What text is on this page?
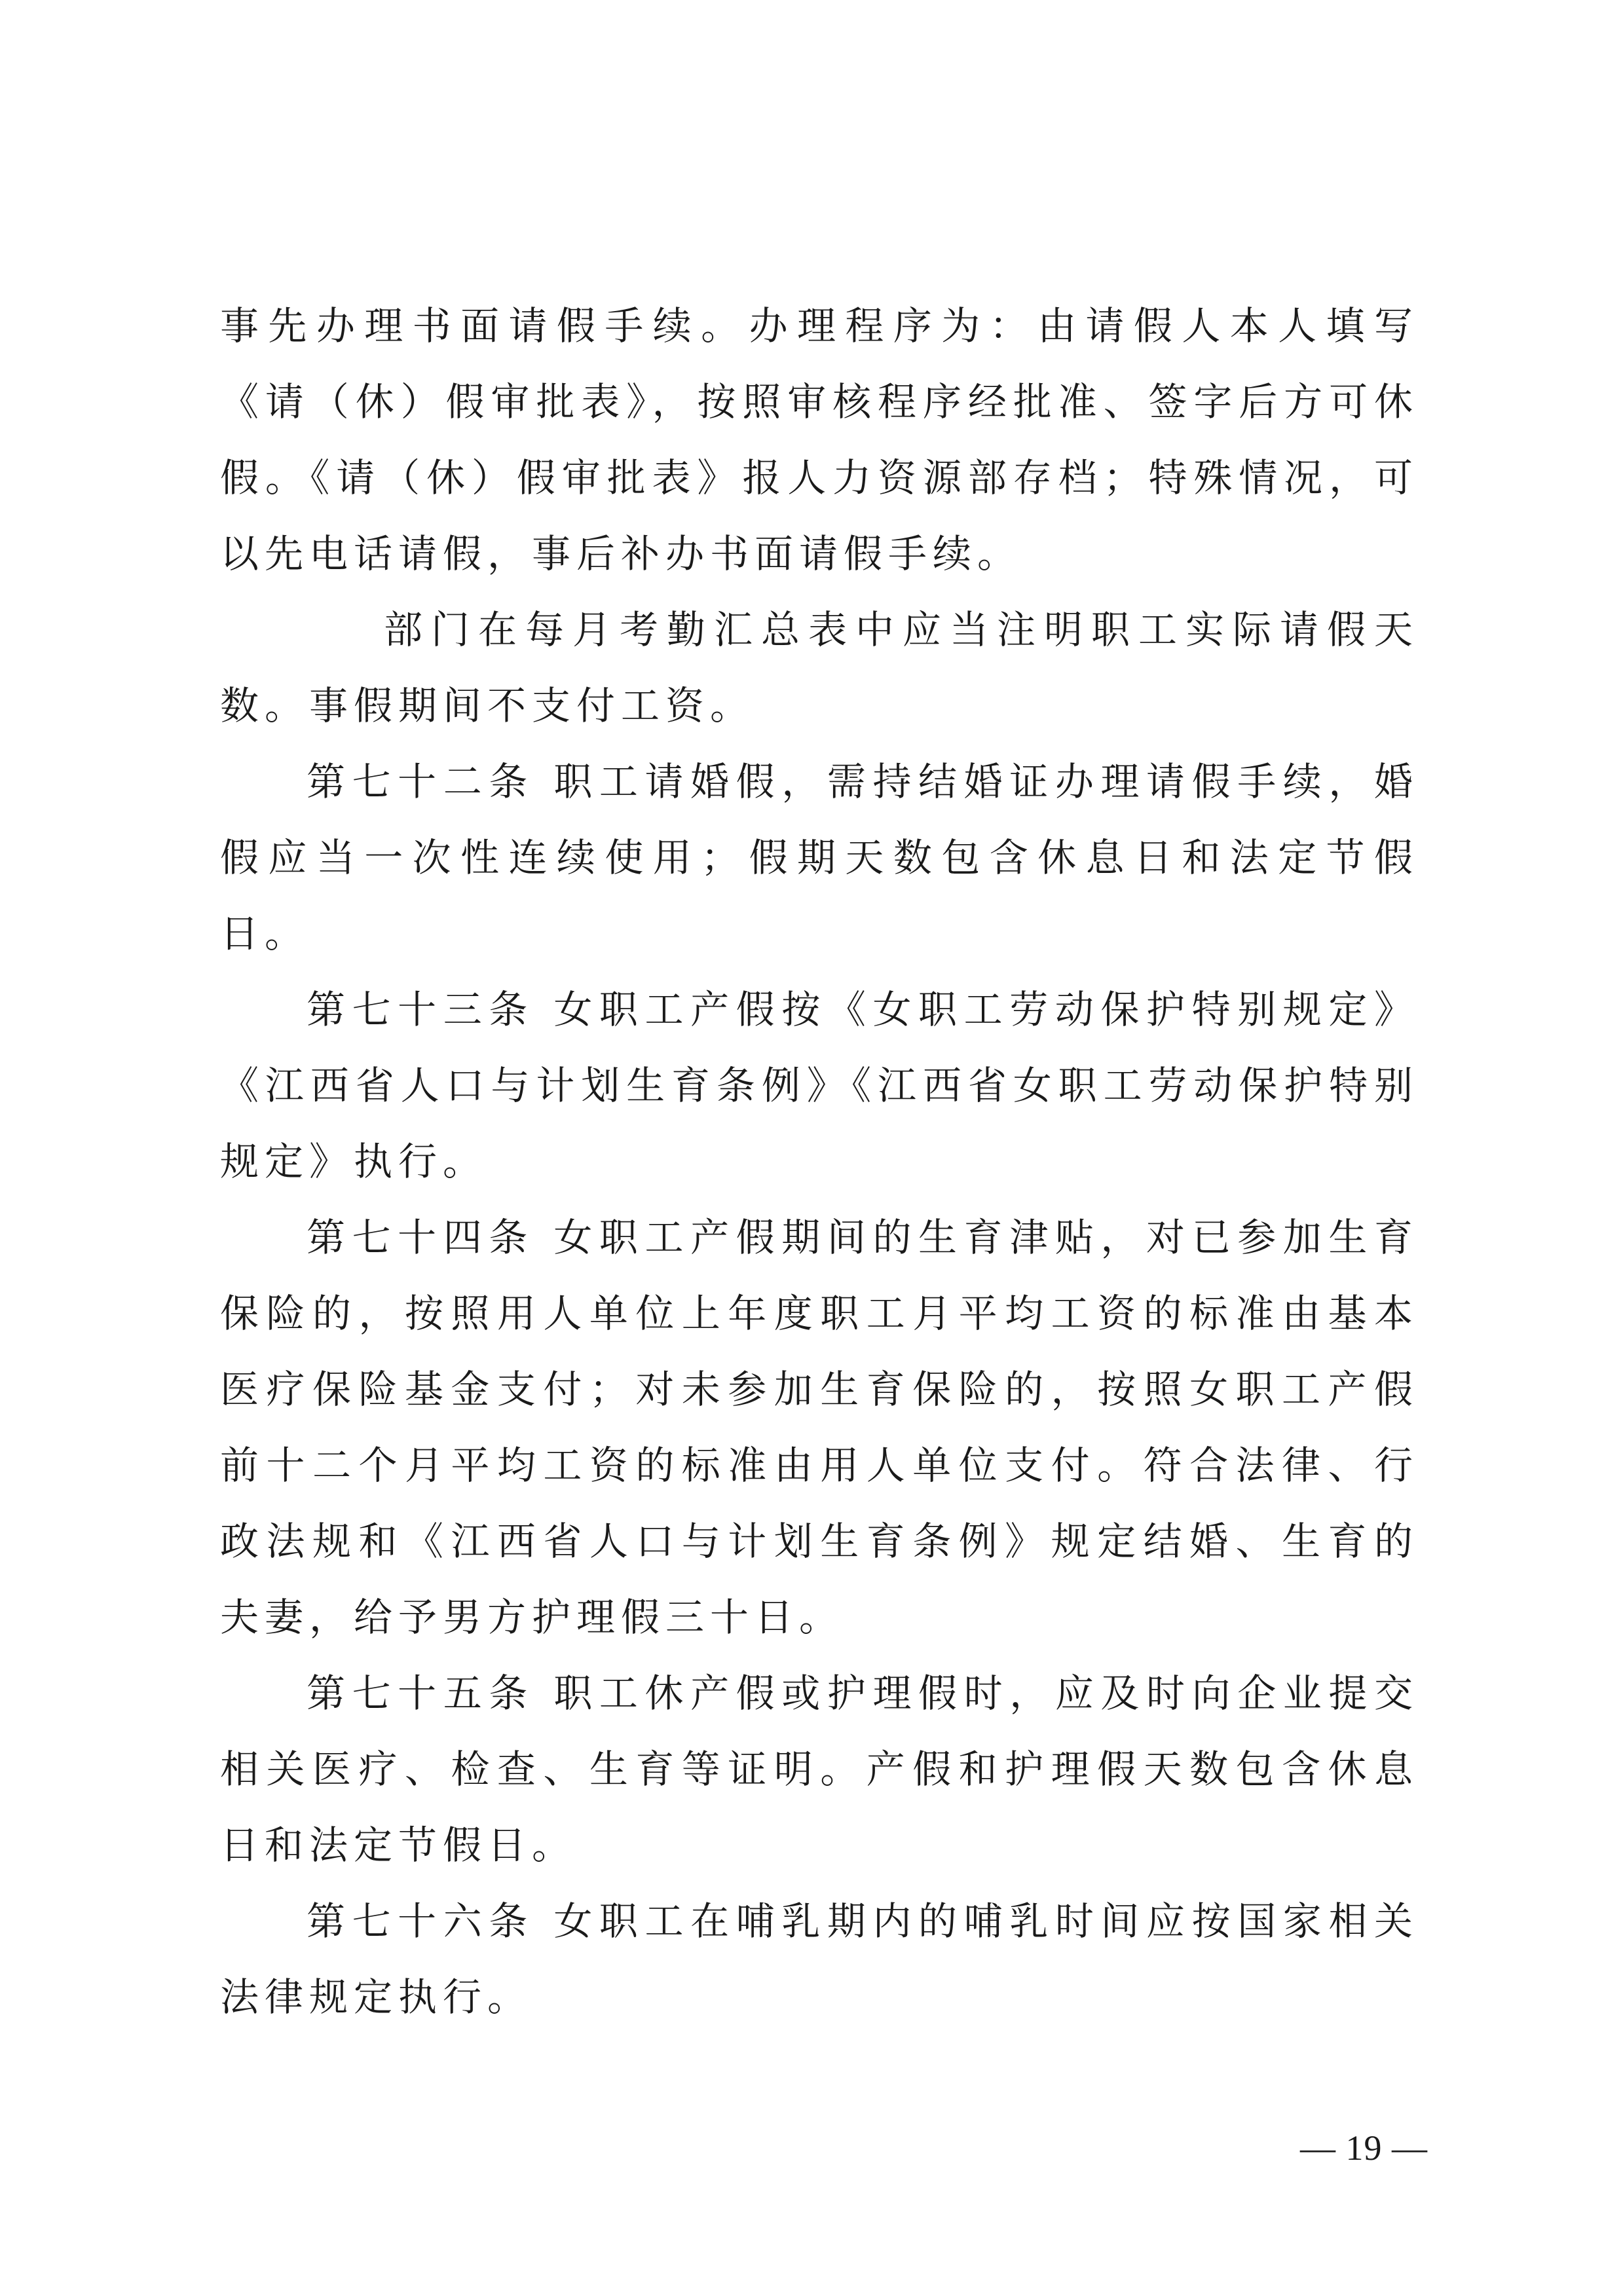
事先办理书面请假手续。办理程序为：由请假人本人填写《请（休）假审批表》，按照审核程序经批准、签字后方可休假。《请（休）假审批表》报人力资源部存档；特殊情况，可以先电话请假，事后补办书面请假手续。

部门在每月考勤汇总表中应当注明职工实际请假天数。事假期间不支付工资。

第七十二条 职工请婚假，需持结婚证办理请假手续，婚假应当一次性连续使用；假期天数包含休息日和法定节假日。

第七十三条 女职工产假按《女职工劳动保护特别规定》《江西省人口与计划生育条例》《江西省女职工劳动保护特别规定》执行。

第七十四条 女职工产假期间的生育津贴，对已参加生育保险的，按照用人单位上年度职工月平均工资的标准由基本医疗保险基金支付；对未参加生育保险的，按照女职工产假前十二个月平均工资的标准由用人单位支付。符合法律、行政法规和《江西省人口与计划生育条例》规定结婚、生育的夫妻，给予男方护理假三十日。

第七十五条 职工休产假或护理假时，应及时向企业提交相关医疗、检查、生育等证明。产假和护理假天数包含休息日和法定节假日。

第七十六条 女职工在哺乳期内的哺乳时间应按国家相关法律规定执行。

— 19 —
